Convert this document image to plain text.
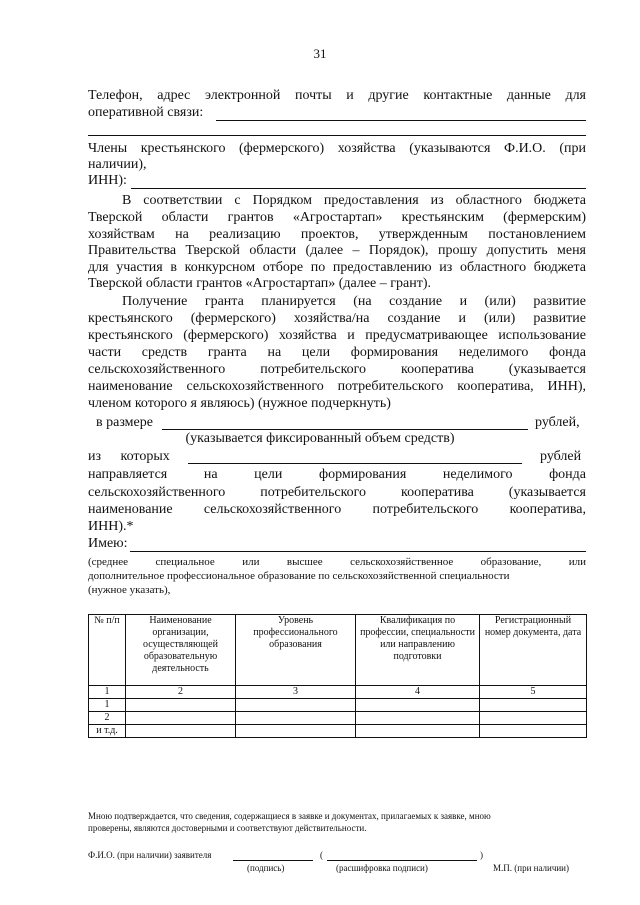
31
Телефон, адрес электронной почты и другие контактные данные для
оперативной связи:
Члены крестьянского (фермерского) хозяйства (указываются Ф.И.О. (при
наличии),
ИНН):
В соответствии с Порядком предоставления из областного бюджета
Тверской области грантов «Агростартап» крестьянским (фермерским)
хозяйствам на реализацию проектов, утвержденным постановлением
Правительства Тверской области (далее – Порядок), прошу допустить меня
для участия в конкурсном отборе по предоставлению из областного бюджета
Тверской области грантов «Агростартап» (далее – грант).
Получение гранта планируется (на создание и (или) развитие
крестьянского (фермерского) хозяйства/на создание и (или) развитие
крестьянского (фермерского) хозяйства и предусматривающее использование
части средств гранта на цели формирования неделимого фонда
сельскохозяйственного потребительского кооператива (указывается
наименование сельскохозяйственного потребительского кооператива, ИНН),
членом которого я являюсь) (нужное подчеркнуть)
в размере	рублей,
(указывается фиксированный объем средств)
из которых	рублей
направляется на цели формирования неделимого фонда
сельскохозяйственного потребительского кооператива (указывается
наименование сельскохозяйственного потребительского кооператива,
ИНН).*
Имею:
(среднее специальное или высшее сельскохозяйственное образование, или
дополнительное профессиональное образование по сельскохозяйственной специальности
(нужное указать),
№ п/п	Наименование организации, осуществляющей образовательную деятельность	Уровень профессионального образования	Квалификация по профессии, специальности или направлению подготовки	Регистрационный номер документа, дата
1	2	3	4	5
1				
2				
и т.д.				
Мною подтверждается, что сведения, содержащиеся в заявке и документах, прилагаемых к заявке, мною
проверены, являются достоверными и соответствуют действительности.
Ф.И.О. (при наличии) заявителя	(	)
(подпись)	(расшифровка подписи)	М.П. (при наличии)
